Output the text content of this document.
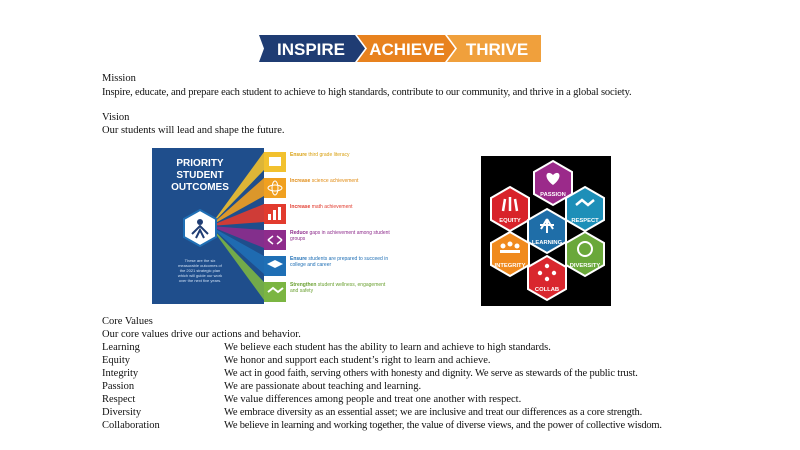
INSPIRE ACHIEVE THRIVE
Mission
Inspire, educate, and prepare each student to achieve to high standards, contribute to our community, and thrive in a global society.
Vision
Our students will lead and shape the future.
PRIORITY
STUDENT
OUTCOMES
These are the six
measurable outcomes of
the 2021 strategic plan
which will guide our work
over the next five years.
Ensure third grade literacy
Increase science achievement
Increase math achievement
Reduce gaps in achievement among student groups
Ensure students are prepared to succeed in college and career
Strengthen student wellness, engagement and safety
PASSION
EQUITY	RESPECT
LEARNING
INTEGRITY	DIVERSITY
COLLAB
Core Values
Our core values drive our actions and behavior.
Learning	We believe each student has the ability to learn and achieve to high standards.
Equity	We honor and support each student’s right to learn and achieve.
Integrity	We act in good faith, serving others with honesty and dignity. We serve as stewards of the public trust.
Passion	We are passionate about teaching and learning.
Respect	We value differences among people and treat one another with respect.
Diversity	We embrace diversity as an essential asset; we are inclusive and treat our differences as a core strength.
Collaboration	We believe in learning and working together, the value of diverse views, and the power of collective wisdom.
